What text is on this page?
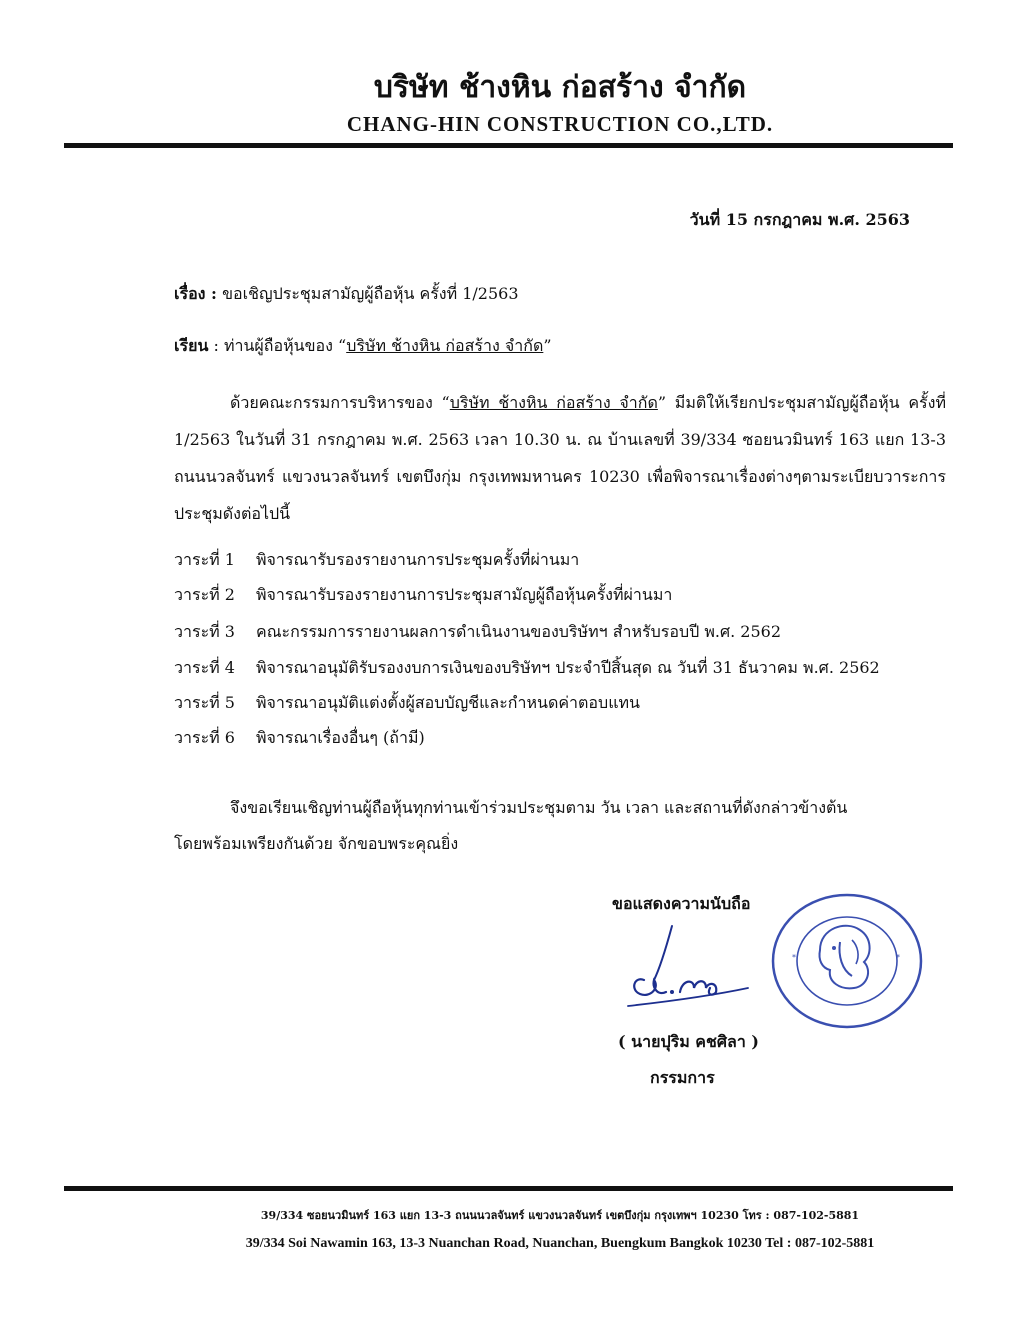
บริษัท ช้างหิน ก่อสร้าง จำกัด
CHANG-HIN CONSTRUCTION CO.,LTD.
วันที่ 15 กรกฎาคม พ.ศ. 2563
เรื่อง : ขอเชิญประชุมสามัญผู้ถือหุ้น ครั้งที่ 1/2563
เรียน : ท่านผู้ถือหุ้นของ “บริษัท ช้างหิน ก่อสร้าง จำกัด”
ด้วยคณะกรรมการบริหารของ “บริษัท ช้างหิน ก่อสร้าง จำกัด” มีมติให้เรียกประชุมสามัญผู้ถือหุ้น ครั้งที่ 1/2563 ในวันที่ 31 กรกฎาคม พ.ศ. 2563 เวลา 10.30 น. ณ บ้านเลขที่ 39/334 ซอยนวมินทร์ 163 แยก 13-3 ถนนนวลจันทร์ แขวงนวลจันทร์ เขตบึงกุ่ม กรุงเทพมหานคร 10230 เพื่อพิจารณาเรื่องต่างๆตามระเบียบวาระการประชุมดังต่อไปนี้
วาระที่ 1 พิจารณารับรองรายงานการประชุมครั้งที่ผ่านมา
วาระที่ 2 พิจารณารับรองรายงานการประชุมสามัญผู้ถือหุ้นครั้งที่ผ่านมา
วาระที่ 3 คณะกรรมการรายงานผลการดำเนินงานของบริษัทฯ สำหรับรอบปี พ.ศ. 2562
วาระที่ 4 พิจารณาอนุมัติรับรองงบการเงินของบริษัทฯ ประจำปีสิ้นสุด ณ วันที่ 31 ธันวาคม พ.ศ. 2562
วาระที่ 5 พิจารณาอนุมัติแต่งตั้งผู้สอบบัญชีและกำหนดค่าตอบแทน
วาระที่ 6 พิจารณาเรื่องอื่นๆ (ถ้ามี)
จึงขอเรียนเชิญท่านผู้ถือหุ้นทุกท่านเข้าร่วมประชุมตาม วัน เวลา และสถานที่ดังกล่าวข้างต้น โดยพร้อมเพรียงกันด้วย จักขอบพระคุณยิ่ง
ขอแสดงความนับถือ
( นายปุริม คชศิลา )
กรรมการ
*	*
39/334 ซอยนวมินทร์ 163 แยก 13-3 ถนนนวลจันทร์ แขวงนวลจันทร์ เขตบึงกุ่ม กรุงเทพฯ 10230 โทร : 087-102-5881
39/334 Soi Nawamin 163, 13-3 Nuanchan Road, Nuanchan, Buengkum Bangkok 10230 Tel : 087-102-5881
